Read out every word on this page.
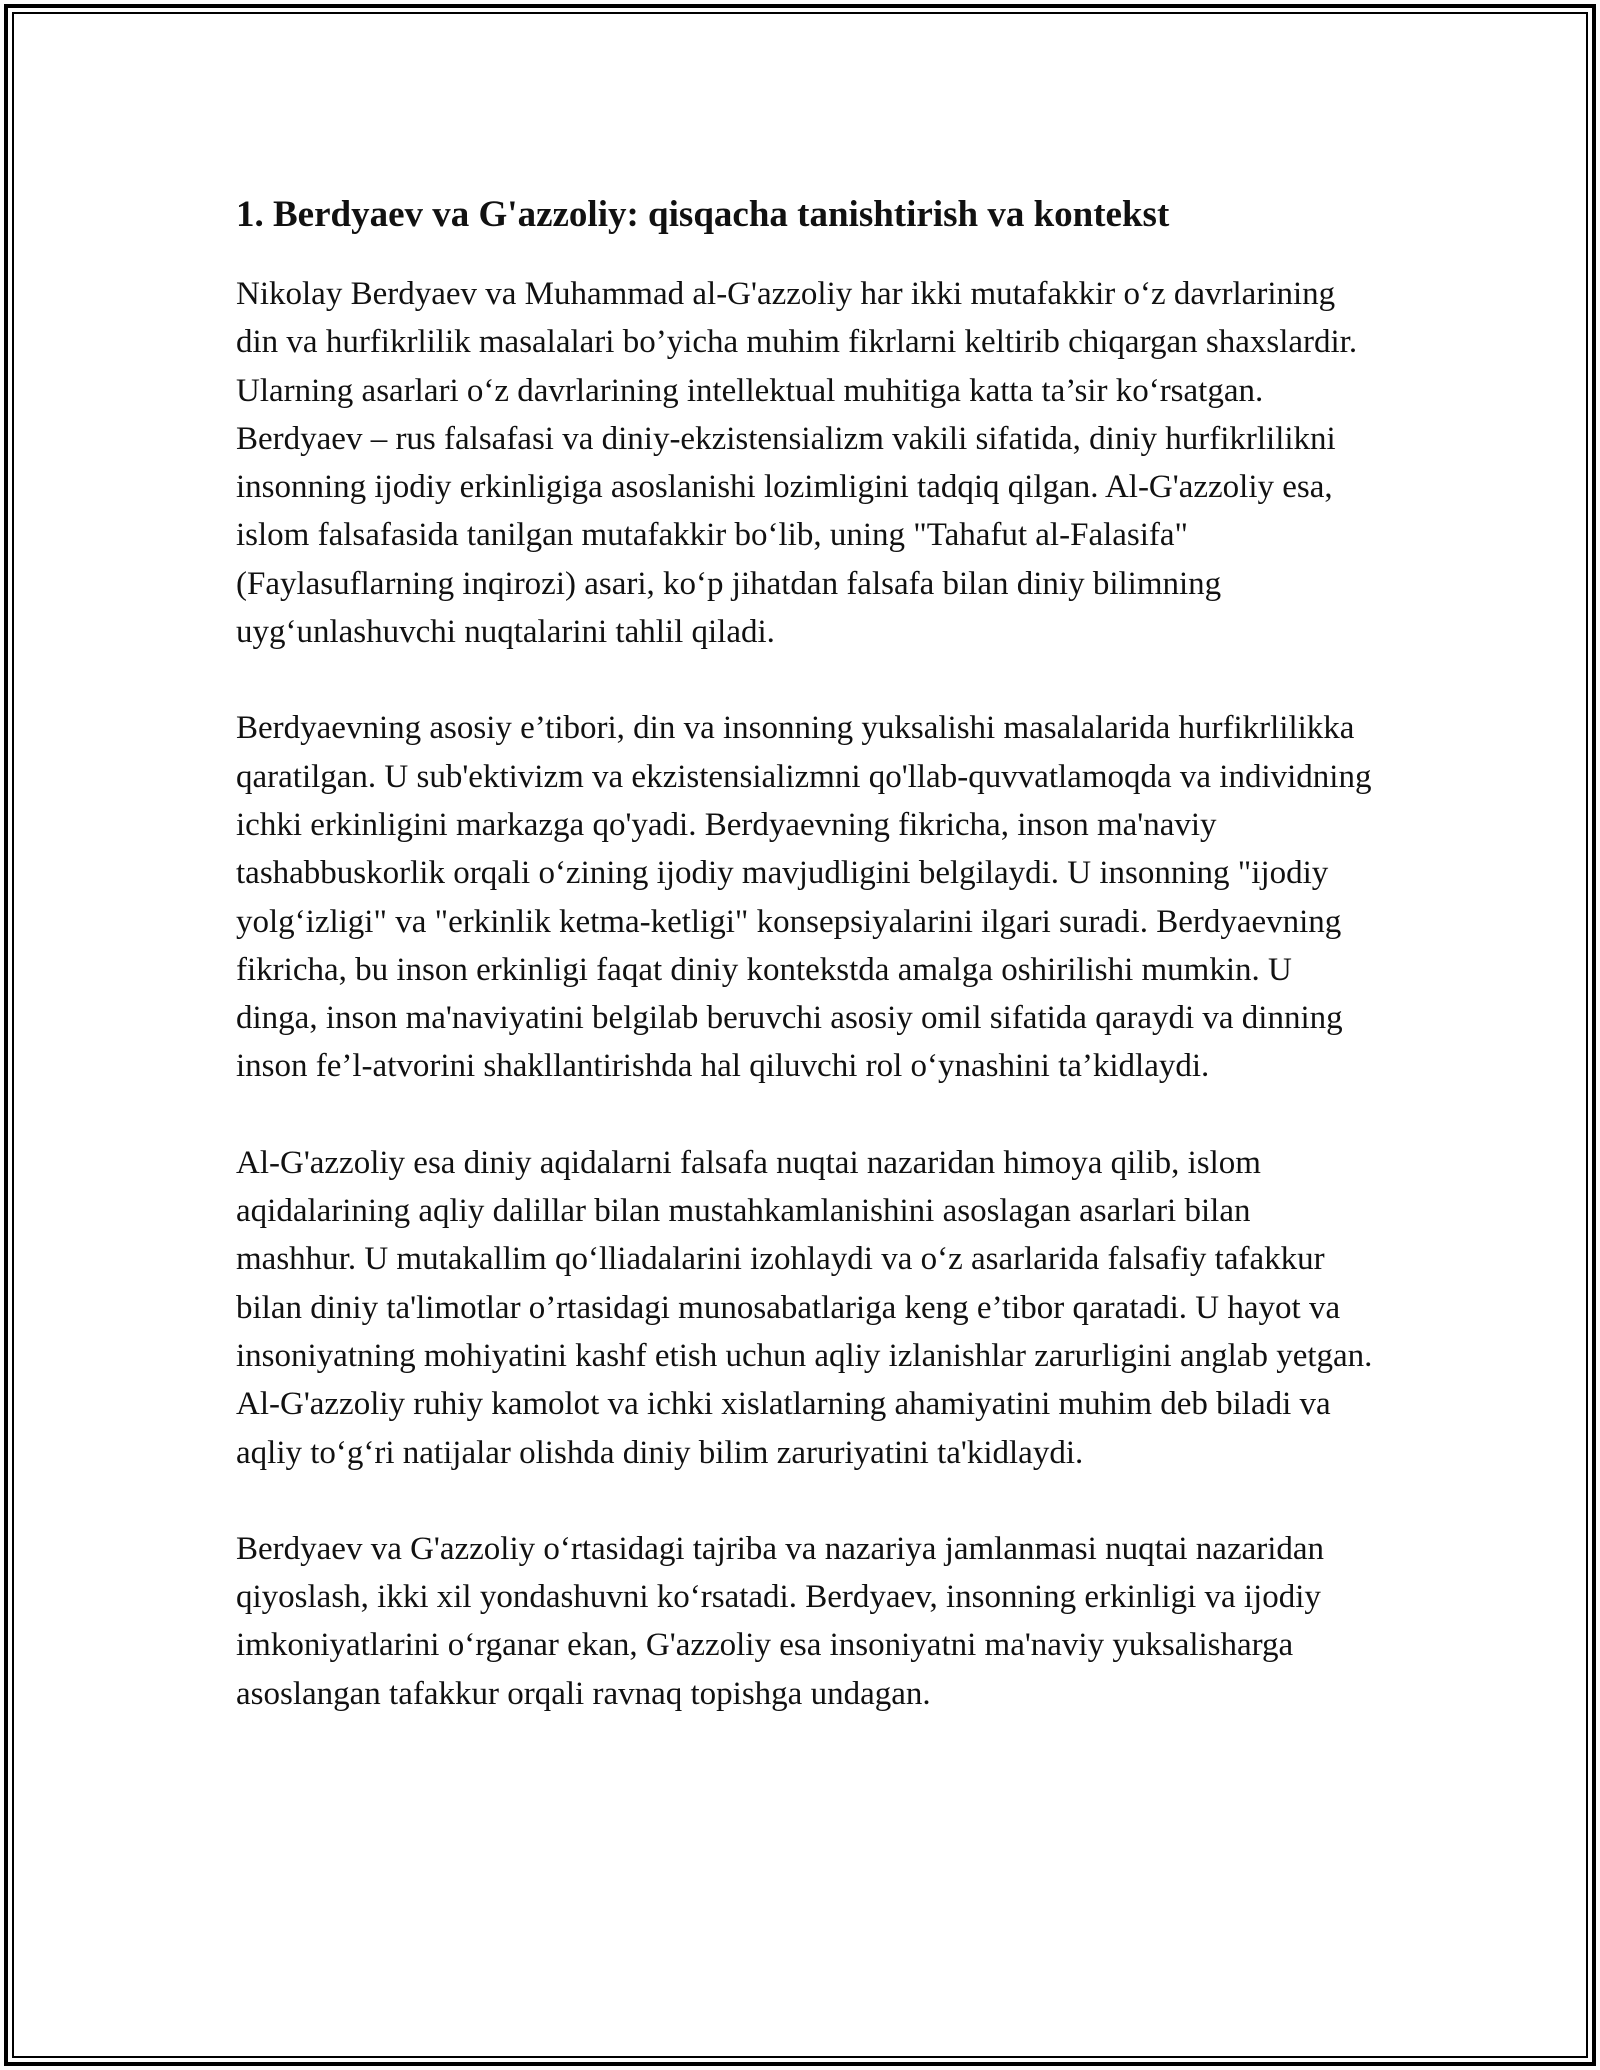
1. Berdyaev va G'azzoliy: qisqacha tanishtirish va kontekst

Nikolay Berdyaev va Muhammad al-G'azzoliy har ikki mutafakkir o‘z davrlarining din va hurfikrlilik masalalari bo’yicha muhim fikrlarni keltirib chiqargan shaxslardir. Ularning asarlari o‘z davrlarining intellektual muhitiga katta ta’sir ko‘rsatgan. Berdyaev – rus falsafasi va diniy-ekzistensializm vakili sifatida, diniy hurfikrlilikni insonning ijodiy erkinligiga asoslanishi lozimligini tadqiq qilgan. Al-G'azzoliy esa, islom falsafasida tanilgan mutafakkir bo‘lib, uning "Tahafut al-Falasifa" (Faylasuflarning inqirozi) asari, ko‘p jihatdan falsafa bilan diniy bilimning uyg‘unlashuvchi nuqtalarini tahlil qiladi.

Berdyaevning asosiy e’tibori, din va insonning yuksalishi masalalarida hurfikrlilikka qaratilgan. U sub'ektivizm va ekzistensializmni qo'llab-quvvatlamoqda va individning ichki erkinligini markazga qo'yadi. Berdyaevning fikricha, inson ma'naviy tashabbuskorlik orqali o‘zining ijodiy mavjudligini belgilaydi. U insonning "ijodiy yolg‘izligi" va "erkinlik ketma-ketligi" konsepsiyalarini ilgari suradi. Berdyaevning fikricha, bu inson erkinligi faqat diniy kontekstda amalga oshirilishi mumkin. U dinga, inson ma'naviyatini belgilab beruvchi asosiy omil sifatida qaraydi va dinning inson fe’l-atvorini shakllantirishda hal qiluvchi rol o‘ynashini ta’kidlaydi.

Al-G'azzoliy esa diniy aqidalarni falsafa nuqtai nazaridan himoya qilib, islom aqidalarining aqliy dalillar bilan mustahkamlanishini asoslagan asarlari bilan mashhur. U mutakallim qo‘lliadalarini izohlaydi va o‘z asarlarida falsafiy tafakkur bilan diniy ta'limotlar o’rtasidagi munosabatlariga keng e’tibor qaratadi. U hayot va insoniyatning mohiyatini kashf etish uchun aqliy izlanishlar zarurligini anglab yetgan. Al-G'azzoliy ruhiy kamolot va ichki xislatlarning ahamiyatini muhim deb biladi va aqliy to‘g‘ri natijalar olishda diniy bilim zaruriyatini ta'kidlaydi.

Berdyaev va G'azzoliy o‘rtasidagi tajriba va nazariya jamlanmasi nuqtai nazaridan qiyoslash, ikki xil yondashuvni ko‘rsatadi. Berdyaev, insonning erkinligi va ijodiy imkoniyatlarini o‘rganar ekan, G'azzoliy esa insoniyatni ma'naviy yuksalisharga asoslangan tafakkur orqali ravnaq topishga undagan.
